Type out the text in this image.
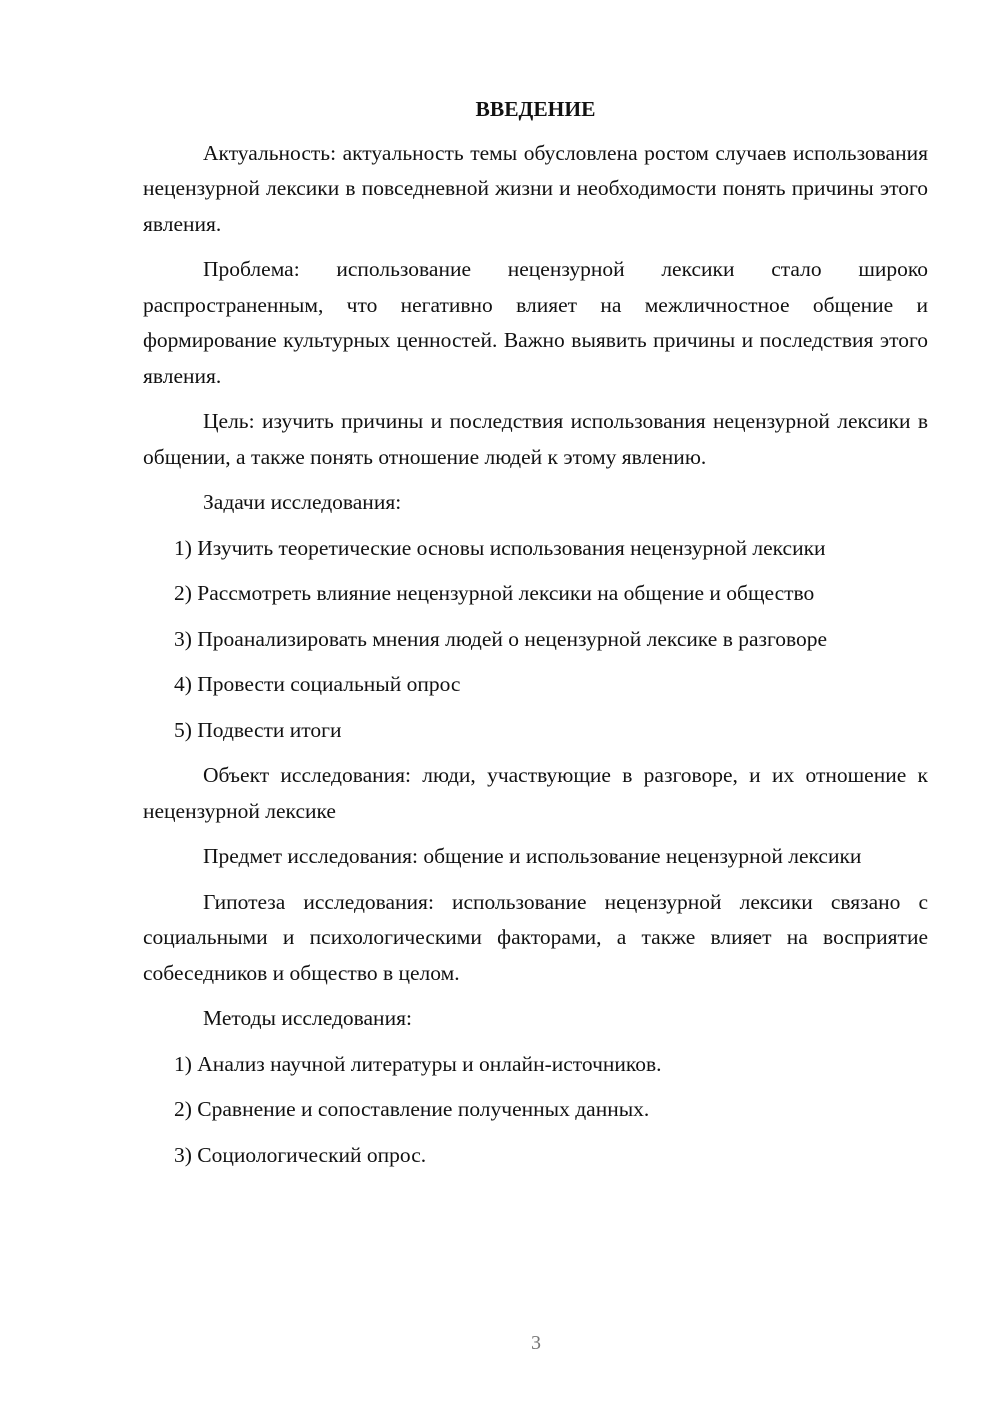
ВВЕДЕНИЕ

Актуальность: актуальность темы обусловлена ростом случаев использования нецензурной лексики в повседневной жизни и необходимости понять причины этого явления.

Проблема: использование нецензурной лексики стало широко распространенным, что негативно влияет на межличностное общение и формирование культурных ценностей. Важно выявить причины и последствия этого явления.

Цель: изучить причины и последствия использования нецензурной лексики в общении, а также понять отношение людей к этому явлению.

Задачи исследования:

1) Изучить теоретические основы использования нецензурной лексики

2) Рассмотреть влияние нецензурной лексики на общение и общество

3) Проанализировать мнения людей о нецензурной лексике в разговоре

4) Провести социальный опрос

5) Подвести итоги

Объект исследования: люди, участвующие в разговоре, и их отношение к нецензурной лексике

Предмет исследования: общение и использование нецензурной лексики

Гипотеза исследования: использование нецензурной лексики связано с социальными и психологическими факторами, а также влияет на восприятие собеседников и общество в целом.

Методы исследования:

1) Анализ научной литературы и онлайн-источников.

2) Сравнение и сопоставление полученных данных.

3) Социологический опрос.

3
